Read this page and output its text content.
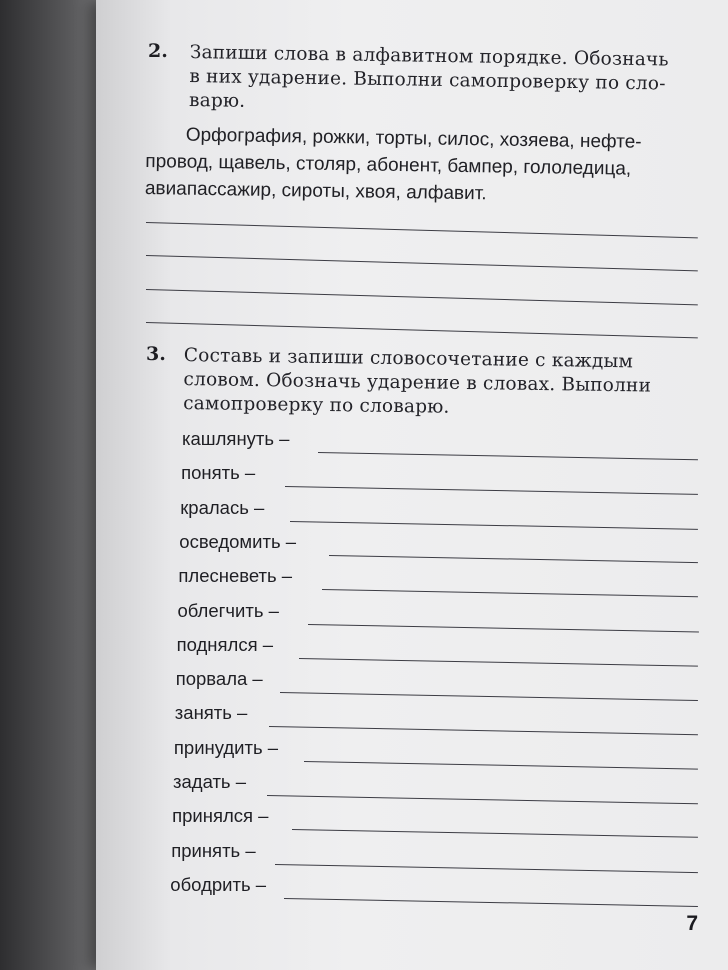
2. Запиши слова в алфавитном порядке. Обозначь
в них ударение. Выполни самопроверку по сло-
варю.
Орфография, рожки, торты, силос, хозяева, нефте-
провод, щавель, столяр, абонент, бампер, гололедица,
авиапассажир, сироты, хвоя, алфавит.
3. Составь и запиши словосочетание с каждым
словом. Обозначь ударение в словах. Выполни
самопроверку по словарю.
кашлянуть –
понять –
кралась –
осведомить –
плесневеть –
облегчить –
поднялся –
порвала –
занять –
принудить –
задать –
принялся –
принять –
ободрить –
7
